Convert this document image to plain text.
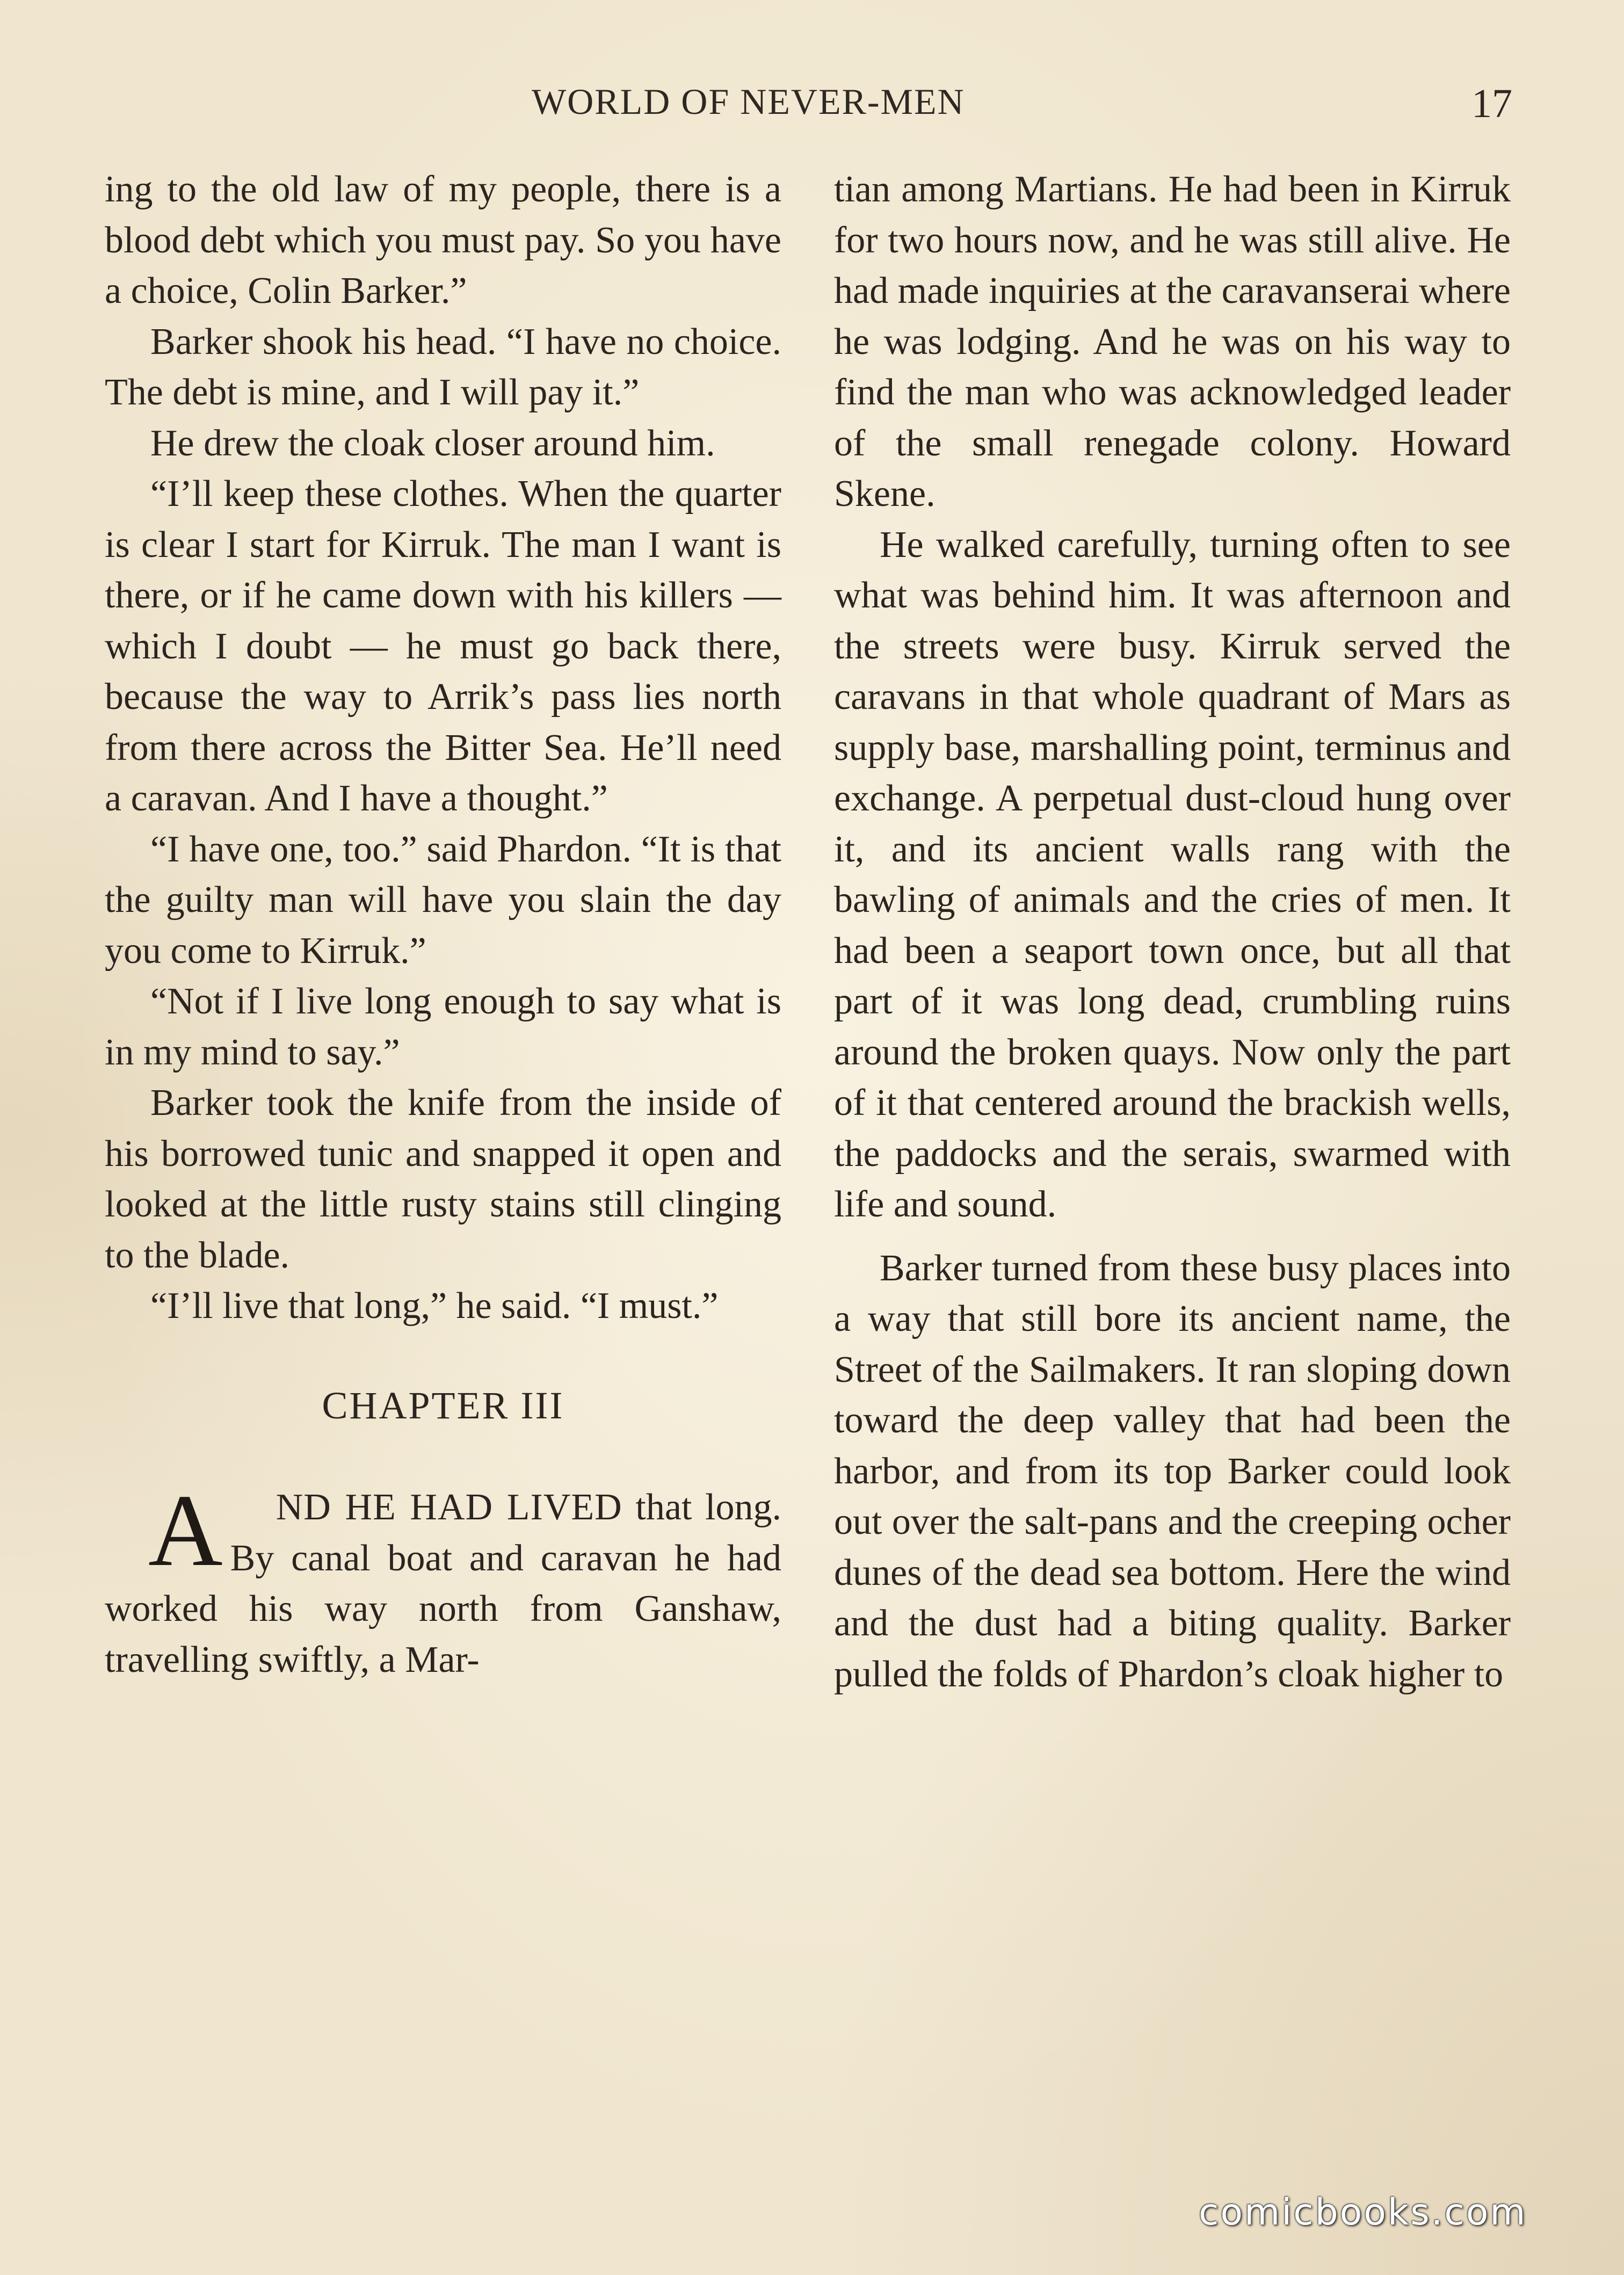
WORLD OF NEVER-MEN	17

ing to the old law of my people, there is a blood debt which you must pay. So you have a choice, Colin Barker.”

Barker shook his head. “I have no choice. The debt is mine, and I will pay it.”

He drew the cloak closer around him.

“I’ll keep these clothes. When the quarter is clear I start for Kirruk. The man I want is there, or if he came down with his killers — which I doubt — he must go back there, because the way to Arrik’s pass lies north from there across the Bitter Sea. He’ll need a caravan. And I have a thought.”

“I have one, too.” said Phardon. “It is that the guilty man will have you slain the day you come to Kirruk.”

“Not if I live long enough to say what is in my mind to say.”

Barker took the knife from the inside of his borrowed tunic and snapped it open and looked at the little rusty stains still clinging to the blade.

“I’ll live that long,” he said. “I must.”

CHAPTER III

A ND HE HAD LIVED that long. By canal boat and caravan he had worked his way north from Ganshaw, travelling swiftly, a Mar-

tian among Martians. He had been in Kirruk for two hours now, and he was still alive. He had made inquiries at the caravanserai where he was lodging. And he was on his way to find the man who was acknowledged leader of the small renegade colony. Howard Skene.

He walked carefully, turning often to see what was behind him. It was afternoon and the streets were busy. Kirruk served the caravans in that whole quadrant of Mars as supply base, marshalling point, terminus and exchange. A perpetual dust-cloud hung over it, and its ancient walls rang with the bawling of animals and the cries of men. It had been a seaport town once, but all that part of it was long dead, crumbling ruins around the broken quays. Now only the part of it that centered around the brackish wells, the paddocks and the serais, swarmed with life and sound.

Barker turned from these busy places into a way that still bore its ancient name, the Street of the Sailmakers. It ran sloping down toward the deep valley that had been the harbor, and from its top Barker could look out over the salt-pans and the creeping ocher dunes of the dead sea bottom. Here the wind and the dust had a biting quality. Barker pulled the folds of Phardon’s cloak higher to

comicbooks.com
